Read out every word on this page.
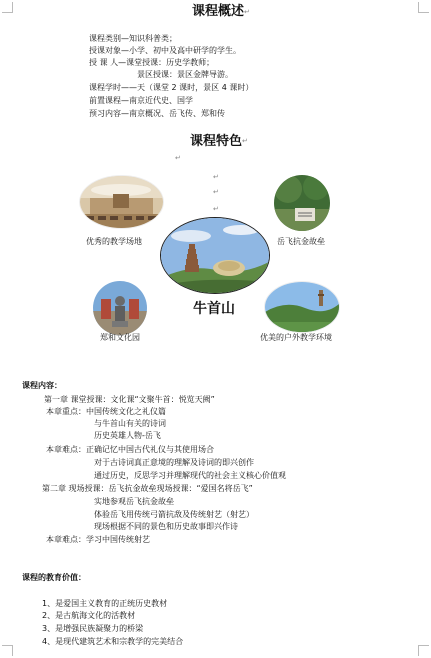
课程概述
课程类别—知识科普类；
授课对象—小学、初中及高中研学的学生。
授 课 人—课堂授课：历史学教师；
景区授课：景区金牌导游。
课程学时——天（课堂 2 课时，景区 4 课时）
前置课程—南京近代史、国学
预习内容—南京概况、岳飞传、郑和传
课程特色
优秀的教学场地	岳飞抗金故垒
牛首山
郑和文化园	优美的户外教学环境
课程内容：
第一章 课堂授课：文化课“文聚牛首：悦览天阙”
本章重点：中国传统文化之礼仪篇
与牛首山有关的诗词
历史英雄人物-岳飞
本章难点：正确记忆中国古代礼仪与其使用场合
对于古诗词真正意境的理解及诗词的即兴创作
通过历史，反思学习并理解现代的社会主义核心价值观
第二章 现场授课：岳飞抗金故垒现场授课：“爱国名将岳飞”
实地参观岳飞抗金故垒
体验岳飞用传统弓箭抗敌及传统射艺（射艺）
现场根据不同的景色和历史故事即兴作诗
本章难点：学习中国传统射艺
课程的教育价值：
1、是爱国主义教育的正统历史教材
2、是古航海文化的活教材
3、是增强民族凝聚力的桥梁
4、是现代建筑艺术和宗教学的完美结合
↵
↵
↵
↵
↵
↵
